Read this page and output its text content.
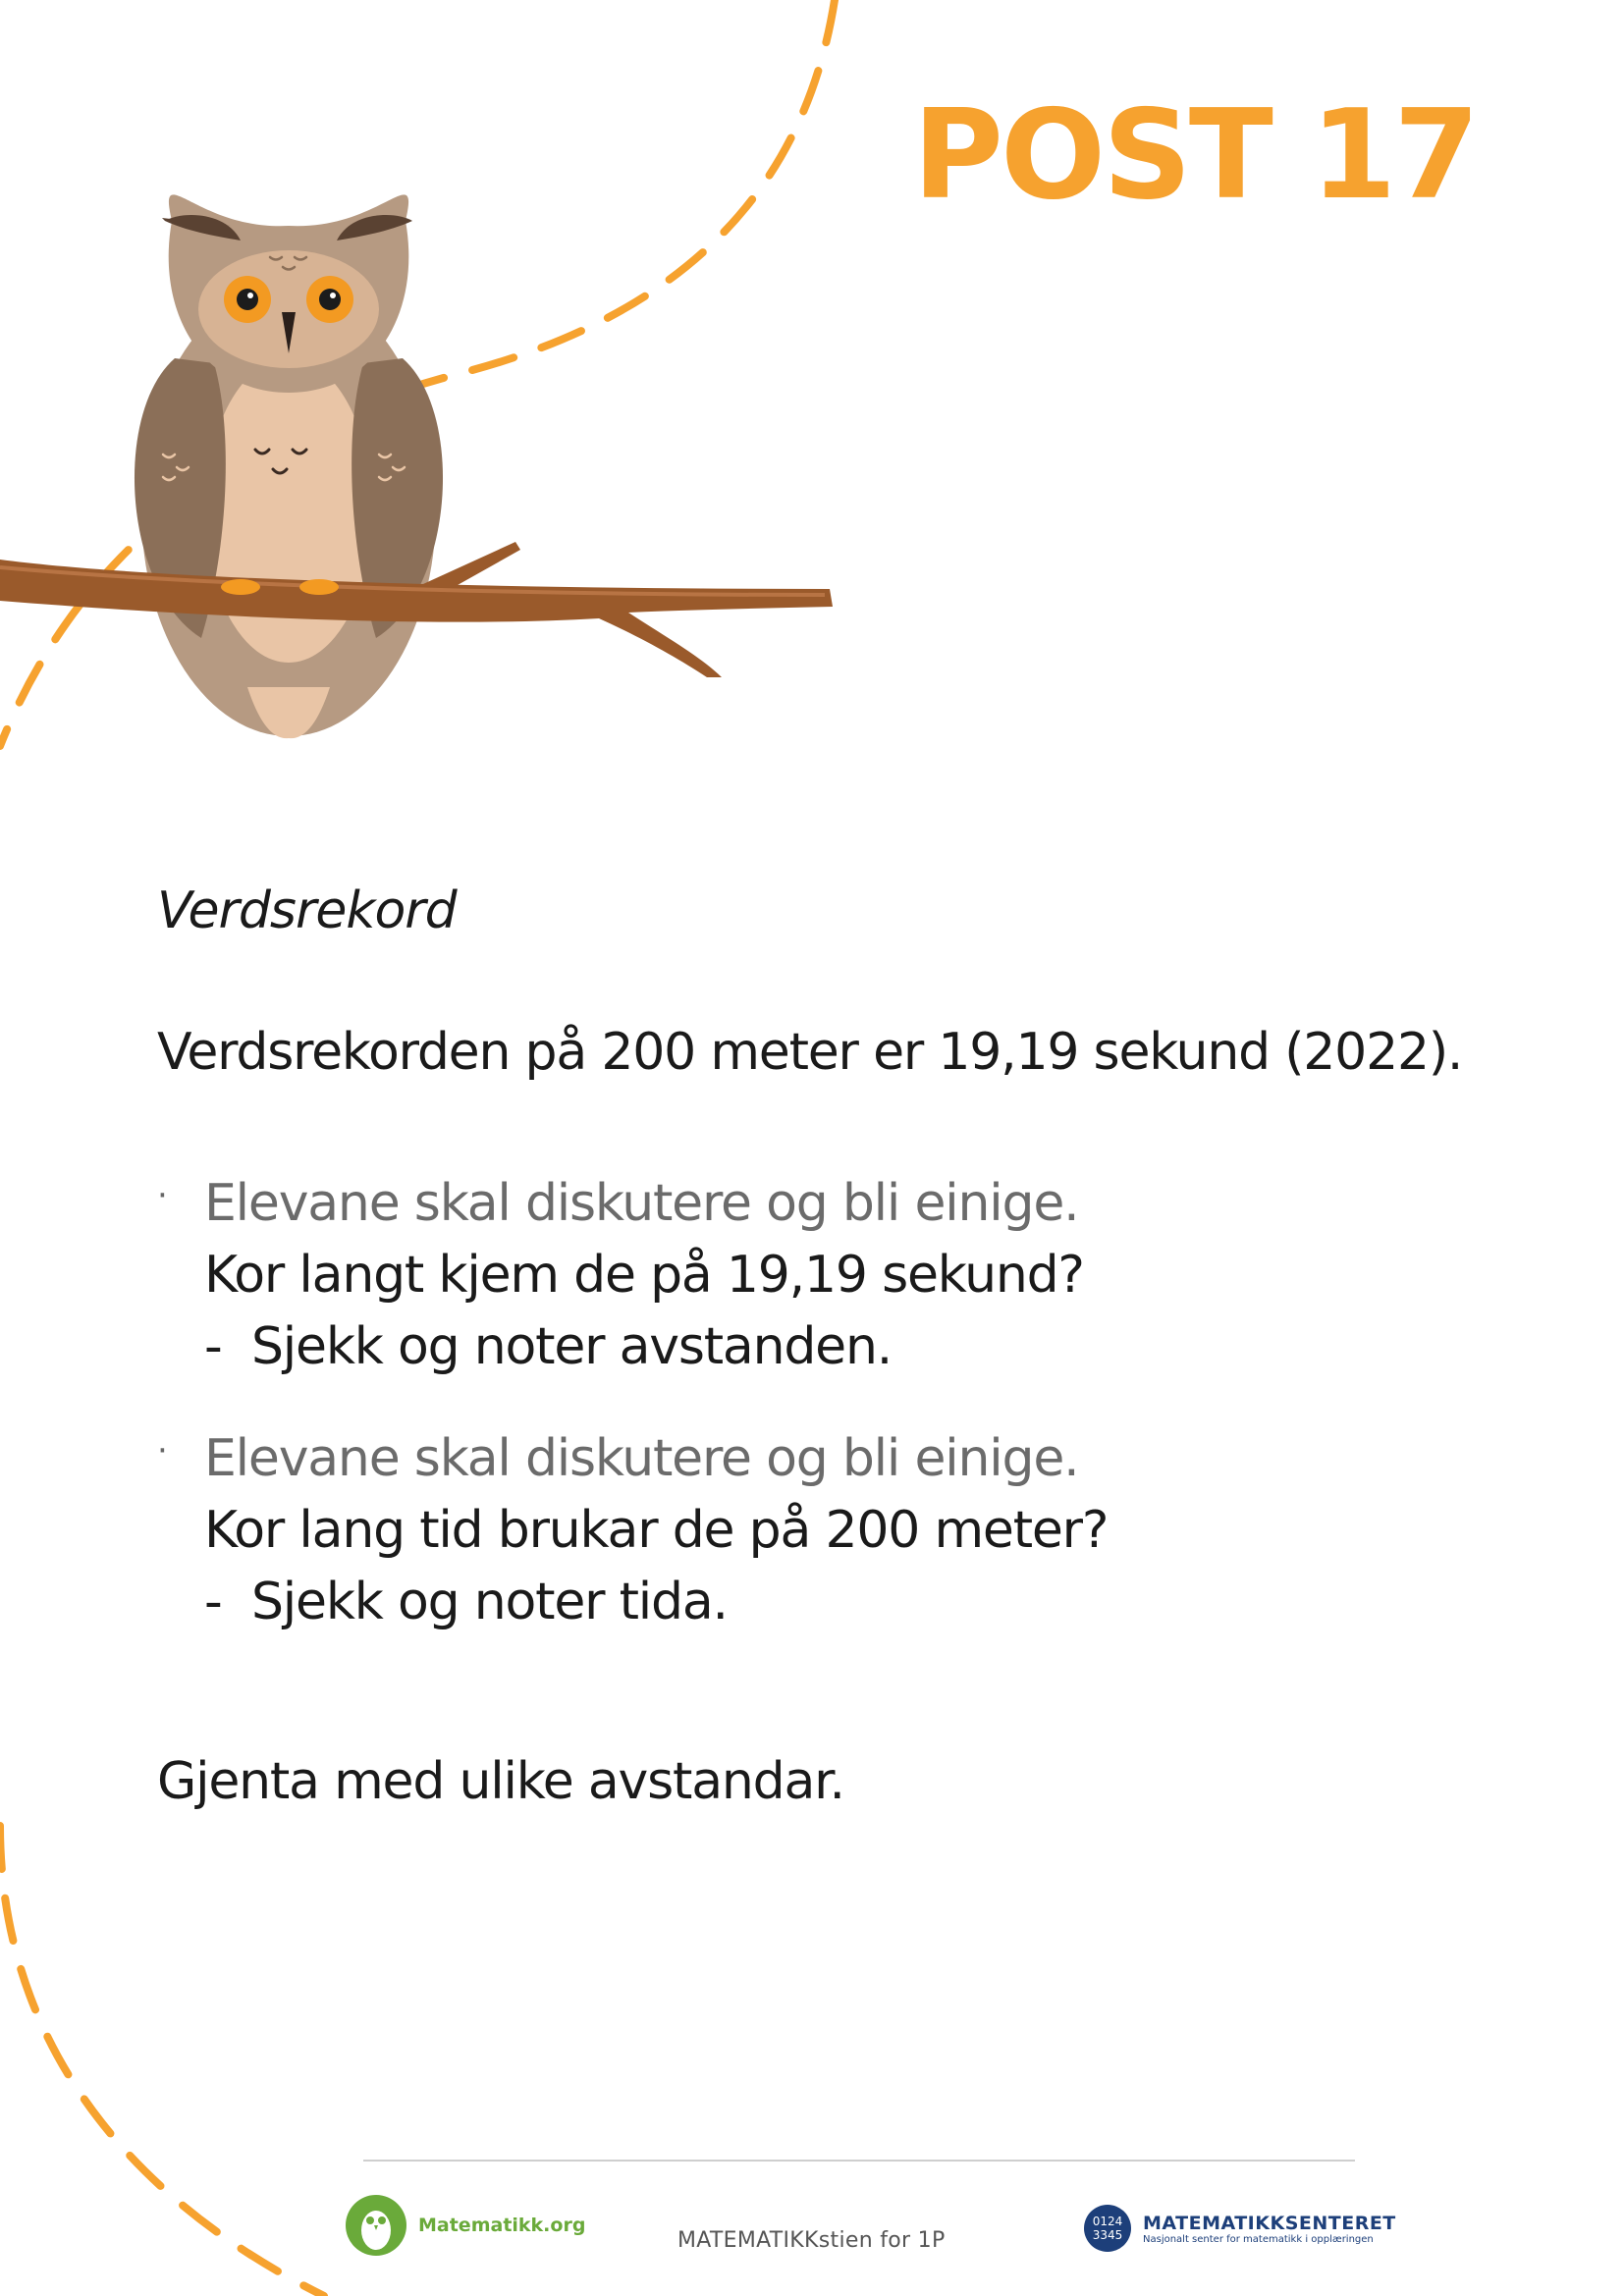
POST 17
Verdsrekord
Verdsrekorden på 200 meter er 19,19 sekund (2022).
· Elevane skal diskutere og bli einige.
Kor langt kjem de på 19,19 sekund?
- Sjekk og noter avstanden.
· Elevane skal diskutere og bli einige.
Kor lang tid brukar de på 200 meter?
- Sjekk og noter tida.
Gjenta med ulike avstandar.
Matematikk.org
MATEMATIKKstien for 1P
0124
3345
MATEMATIKKSENTERET
Nasjonalt senter for matematikk i opplæringen
